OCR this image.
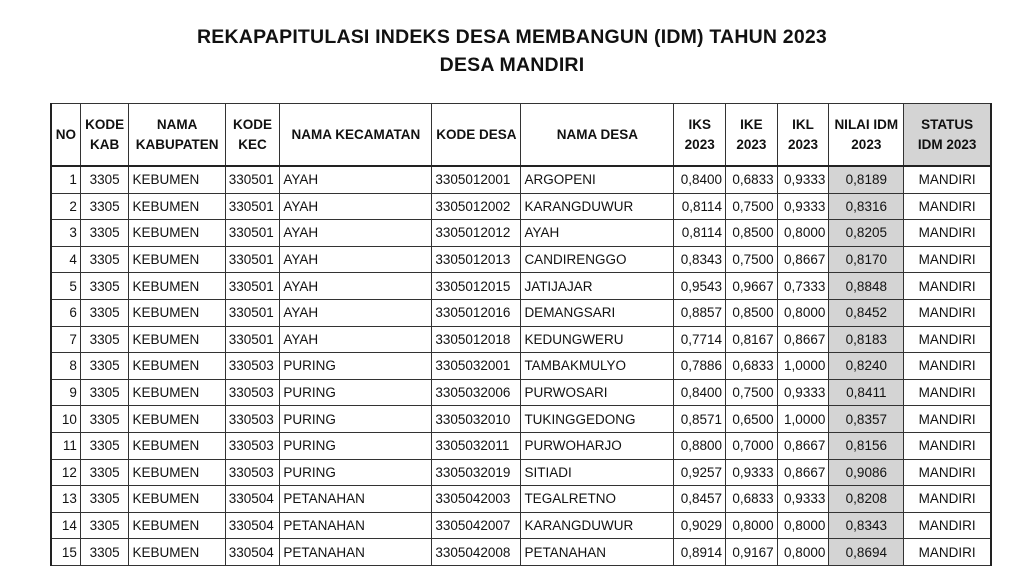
REKAPAPITULASI INDEKS DESA MEMBANGUN (IDM) TAHUN 2023
DESA MANDIRI
NO	KODE KAB	NAMA KABUPATEN	KODE KEC	NAMA KECAMATAN	KODE DESA	NAMA DESA	IKS 2023	IKE 2023	IKL 2023	NILAI IDM 2023	STATUS IDM 2023
1	3305	KEBUMEN	330501	AYAH	3305012001	ARGOPENI	0,8400	0,6833	0,9333	0,8189	MANDIRI
2	3305	KEBUMEN	330501	AYAH	3305012002	KARANGDUWUR	0,8114	0,7500	0,9333	0,8316	MANDIRI
3	3305	KEBUMEN	330501	AYAH	3305012012	AYAH	0,8114	0,8500	0,8000	0,8205	MANDIRI
4	3305	KEBUMEN	330501	AYAH	3305012013	CANDIRENGGO	0,8343	0,7500	0,8667	0,8170	MANDIRI
5	3305	KEBUMEN	330501	AYAH	3305012015	JATIJAJAR	0,9543	0,9667	0,7333	0,8848	MANDIRI
6	3305	KEBUMEN	330501	AYAH	3305012016	DEMANGSARI	0,8857	0,8500	0,8000	0,8452	MANDIRI
7	3305	KEBUMEN	330501	AYAH	3305012018	KEDUNGWERU	0,7714	0,8167	0,8667	0,8183	MANDIRI
8	3305	KEBUMEN	330503	PURING	3305032001	TAMBAKMULYO	0,7886	0,6833	1,0000	0,8240	MANDIRI
9	3305	KEBUMEN	330503	PURING	3305032006	PURWOSARI	0,8400	0,7500	0,9333	0,8411	MANDIRI
10	3305	KEBUMEN	330503	PURING	3305032010	TUKINGGEDONG	0,8571	0,6500	1,0000	0,8357	MANDIRI
11	3305	KEBUMEN	330503	PURING	3305032011	PURWOHARJO	0,8800	0,7000	0,8667	0,8156	MANDIRI
12	3305	KEBUMEN	330503	PURING	3305032019	SITIADI	0,9257	0,9333	0,8667	0,9086	MANDIRI
13	3305	KEBUMEN	330504	PETANAHAN	3305042003	TEGALRETNO	0,8457	0,6833	0,9333	0,8208	MANDIRI
14	3305	KEBUMEN	330504	PETANAHAN	3305042007	KARANGDUWUR	0,9029	0,8000	0,8000	0,8343	MANDIRI
15	3305	KEBUMEN	330504	PETANAHAN	3305042008	PETANAHAN	0,8914	0,9167	0,8000	0,8694	MANDIRI
